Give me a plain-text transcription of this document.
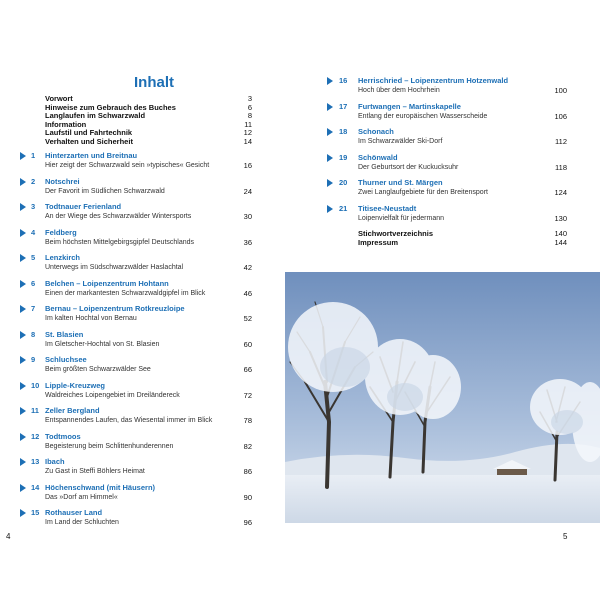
Inhalt
Vorwort	3
Hinweise zum Gebrauch des Buches	6
Langlaufen im Schwarzwald	8
Information	11
Laufstil und Fahrtechnik	12
Verhalten und Sicherheit	14
1	Hinterzarten und Breitnau
Hier zeigt der Schwarzwald sein »typisches« Gesicht	16
2	Notschrei
Der Favorit im Südlichen Schwarzwald	24
3	Todtnauer Ferienland
An der Wiege des Schwarzwälder Wintersports	30
4	Feldberg
Beim höchsten Mittelgebirgsgipfel Deutschlands	36
5	Lenzkirch
Unterwegs im Südschwarzwälder Haslachtal	42
6	Belchen – Loipenzentrum Hohtann
Einen der markantesten Schwarzwaldgipfel im Blick	46
7	Bernau – Loipenzentrum Rotkreuzloipe
Im kalten Hochtal von Bernau	52
8	St. Blasien
Im Gletscher-Hochtal von St. Blasien	60
9	Schluchsee
Beim größten Schwarzwälder See	66
10 Lipple-Kreuzweg
Waldreiches Loipengebiet im Dreiländereck	72
11 Zeller Bergland
Entspannendes Laufen, das Wiesental immer im Blick	78
12 Todtmoos
Begeisterung beim Schlittenhunderennen	82
13 Ibach
Zu Gast in Steffi Böhlers Heimat	86
14 Höchenschwand (mit Häusern)
Das »Dorf am Himmel«	90
15 Rothauser Land
Im Land der Schluchten	96
4
16	Herrischried – Loipenzentrum Hotzenwald
Hoch über dem Hochrhein	100
17	Furtwangen – Martinskapelle
Entlang der europäischen Wasserscheide	106
18	Schonach
Im Schwarzwälder Ski-Dorf	112
19	Schönwald
Der Geburtsort der Kuckucksuhr	118
20	Thurner und St. Märgen
Zwei Langlaufgebiete für den Breitensport	124
21	Titisee-Neustadt
Loipenvielfalt für jedermann	130
Stichwortverzeichnis	140
Impressum	144
5
